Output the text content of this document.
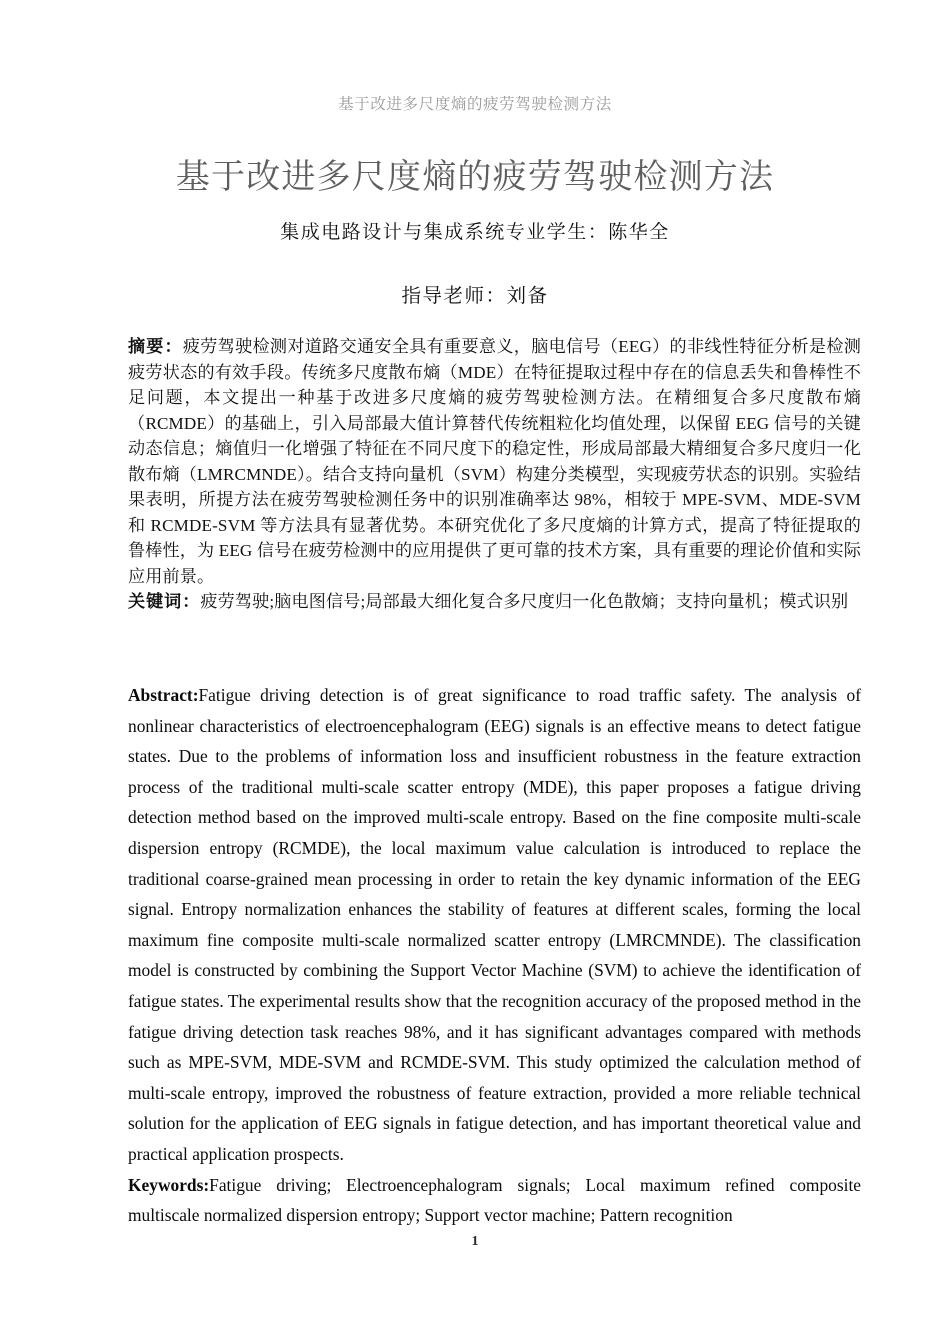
基于改进多尺度熵的疲劳驾驶检测方法
基于改进多尺度熵的疲劳驾驶检测方法
集成电路设计与集成系统专业学生：陈华全
指导老师：刘备

摘要：疲劳驾驶检测对道路交通安全具有重要意义，脑电信号（EEG）的非线性特征分析是检测疲劳状态的有效手段。传统多尺度散布熵（MDE）在特征提取过程中存在的信息丢失和鲁棒性不足问题，本文提出一种基于改进多尺度熵的疲劳驾驶检测方法。在精细复合多尺度散布熵（RCMDE）的基础上，引入局部最大值计算替代传统粗粒化均值处理，以保留 EEG 信号的关键动态信息；熵值归一化增强了特征在不同尺度下的稳定性，形成局部最大精细复合多尺度归一化散布熵（LMRCMNDE）。结合支持向量机（SVM）构建分类模型，实现疲劳状态的识别。实验结果表明，所提方法在疲劳驾驶检测任务中的识别准确率达 98%，相较于 MPE-SVM、MDE-SVM 和 RCMDE-SVM 等方法具有显著优势。本研究优化了多尺度熵的计算方式，提高了特征提取的鲁棒性，为 EEG 信号在疲劳检测中的应用提供了更可靠的技术方案，具有重要的理论价值和实际应用前景。

关键词：疲劳驾驶;脑电图信号;局部最大细化复合多尺度归一化色散熵；支持向量机；模式识别

Abstract:Fatigue driving detection is of great significance to road traffic safety. The analysis of nonlinear characteristics of electroencephalogram (EEG) signals is an effective means to detect fatigue states. Due to the problems of information loss and insufficient robustness in the feature extraction process of the traditional multi-scale scatter entropy (MDE), this paper proposes a fatigue driving detection method based on the improved multi-scale entropy. Based on the fine composite multi-scale dispersion entropy (RCMDE), the local maximum value calculation is introduced to replace the traditional coarse-grained mean processing in order to retain the key dynamic information of the EEG signal. Entropy normalization enhances the stability of features at different scales, forming the local maximum fine composite multi-scale normalized scatter entropy (LMRCMNDE). The classification model is constructed by combining the Support Vector Machine (SVM) to achieve the identification of fatigue states. The experimental results show that the recognition accuracy of the proposed method in the fatigue driving detection task reaches 98%, and it has significant advantages compared with methods such as MPE-SVM, MDE-SVM and RCMDE-SVM. This study optimized the calculation method of multi-scale entropy, improved the robustness of feature extraction, provided a more reliable technical solution for the application of EEG signals in fatigue detection, and has important theoretical value and practical application prospects.

Keywords:Fatigue driving; Electroencephalogram signals; Local maximum refined composite multiscale normalized dispersion entropy; Support vector machine; Pattern recognition

1
